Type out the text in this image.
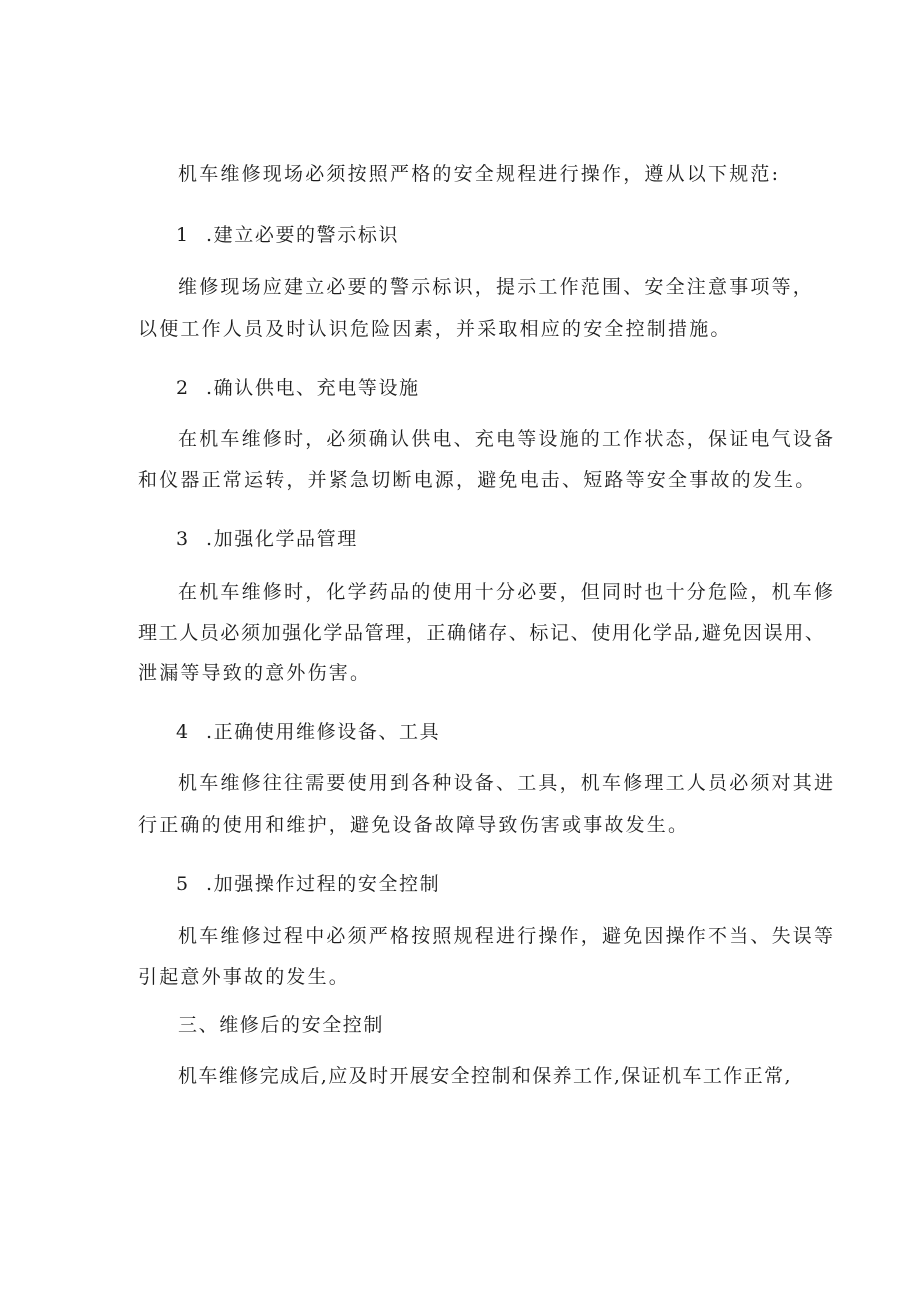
机车维修现场必须按照严格的安全规程进行操作，遵从以下规范:
1 .建立必要的警示标识
维修现场应建立必要的警示标识，提示工作范围、安全注意事项等，
以便工作人员及时认识危险因素，并采取相应的安全控制措施。
2 .确认供电、充电等设施
在机车维修时，必须确认供电、充电等设施的工作状态，保证电气设备
和仪器正常运转，并紧急切断电源，避免电击、短路等安全事故的发生。
3 .加强化学品管理
在机车维修时，化学药品的使用十分必要，但同时也十分危险，机车修
理工人员必须加强化学品管理，正确储存、标记、使用化学品,避免因误用、
泄漏等导致的意外伤害。
4 .正确使用维修设备、工具
机车维修往往需要使用到各种设备、工具，机车修理工人员必须对其进
行正确的使用和维护，避免设备故障导致伤害或事故发生。
5 .加强操作过程的安全控制
机车维修过程中必须严格按照规程进行操作，避免因操作不当、失误等
引起意外事故的发生。
三、维修后的安全控制
机车维修完成后,应及时开展安全控制和保养工作,保证机车工作正常,
